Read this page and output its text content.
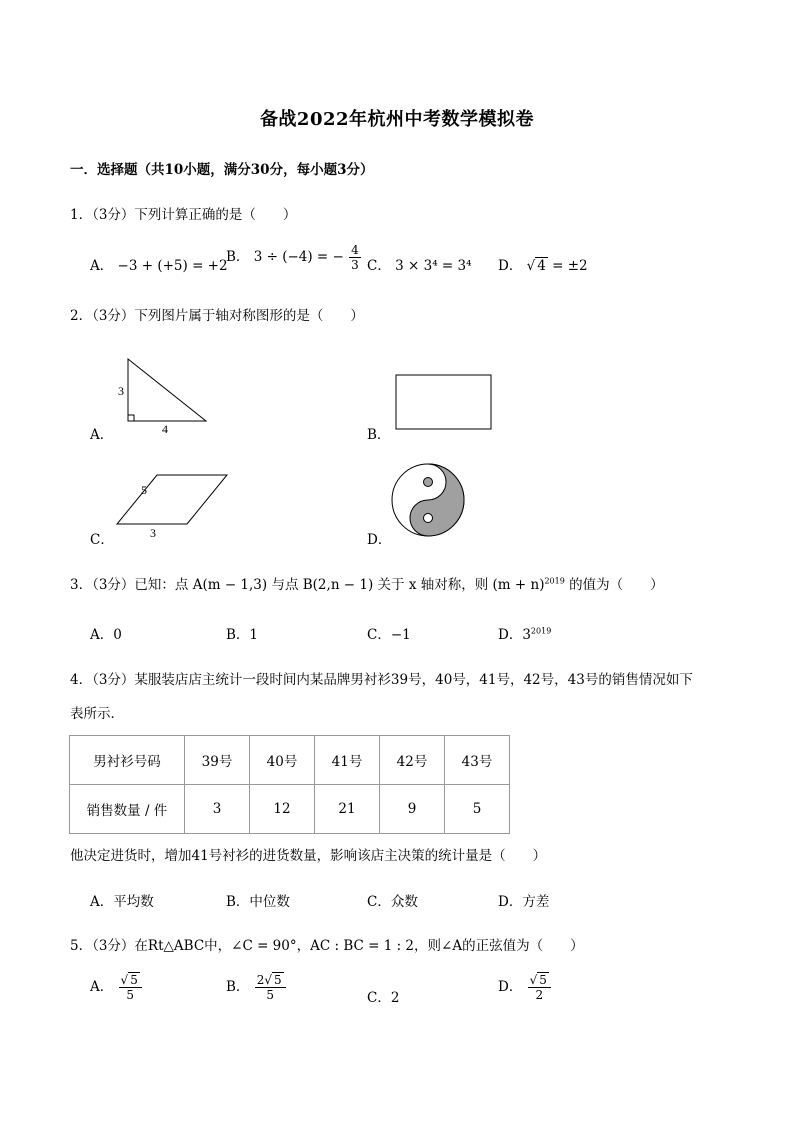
备战2022年杭州中考数学模拟卷
一．选择题（共10小题，满分30分，每小题3分）
1．（3分）下列计算正确的是（　　）
A． −3 + (+5) = +2
B． 3 ÷ (−4) = − $\frac{4}{3}$ C． 3 × 3⁴ = 3⁴ D． √ 4 = ±2
2．（3分）下列图片属于轴对称图形的是（　　）
3
4
A．	B．
5
3
C．	D．
3．（3分）已知：点 A(m − 1,3) 与点 B(2,n − 1) 关于 x 轴对称，则 $(m + n)^{2019}$ 的值为（　　）
A．0	B．1	C．−1	D．$3^{2019}$
4．（3分）某服装店店主统计一段时间内某品牌男衬衫39号，40号，41号，42号，43号的销售情况如下
表所示．
男衬衫号码	39号	40号	41号	42号	43号
销售数量 / 件	3	12	21	9	5
他决定进货时，增加41号衬衫的进货数量，影响该店主决策的统计量是（　　）
A．平均数	B．中位数	C．众数	D．方差
5．（3分）在Rt△ABC中，∠C = 90°，AC : BC = 1 : 2，则∠A的正弦值为（　　）
A． $\frac{√ 5}{5}$	B． $\frac{2√ 5}{5}$	C．2
D． $\frac{√ 5}{2}$
